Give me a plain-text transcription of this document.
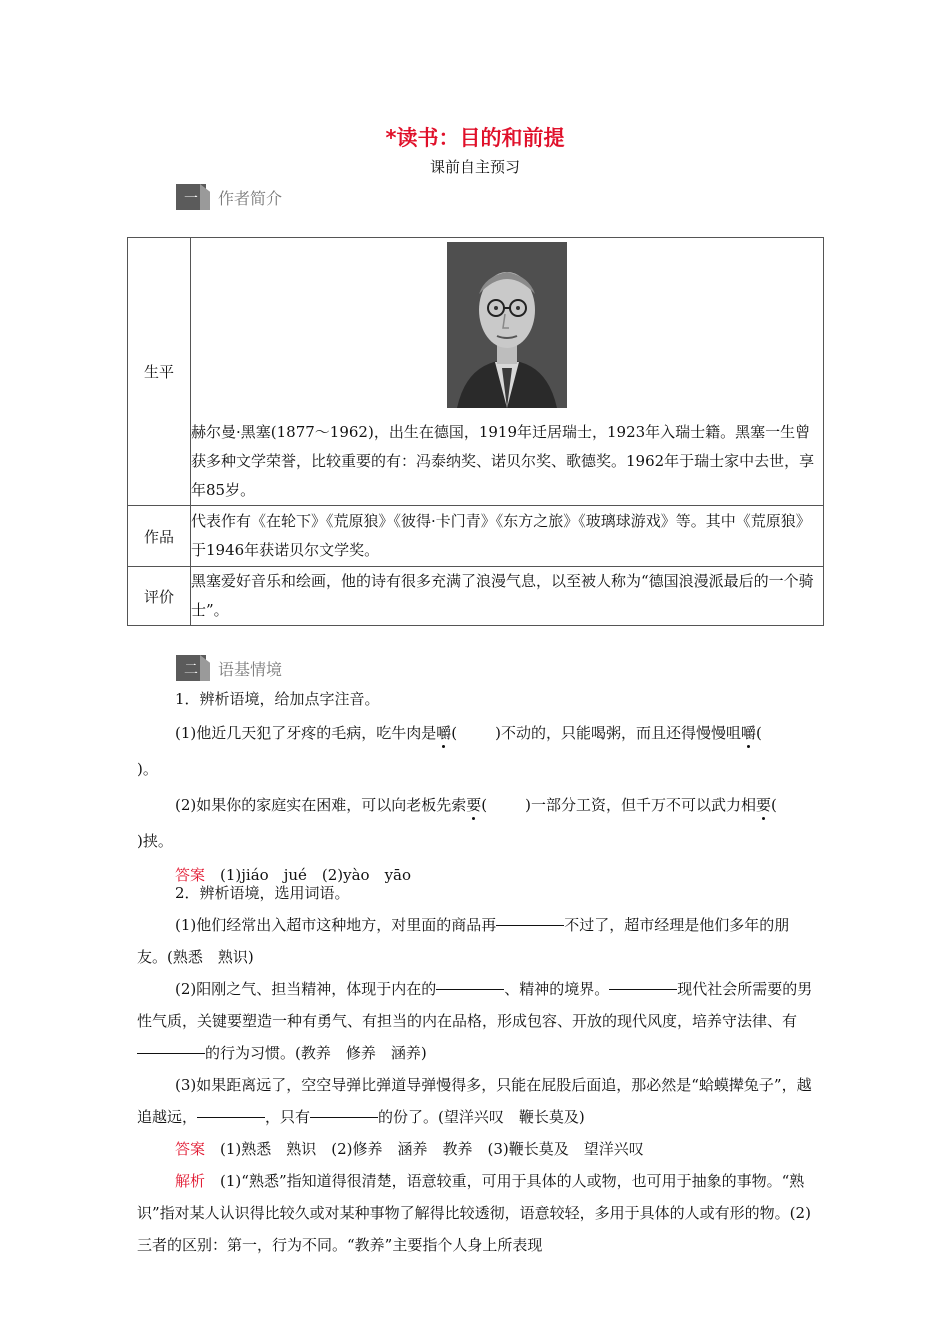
*读书：目的和前提
课前自主预习
一	作者简介
生平	赫尔曼·黑塞(1877～1962)，出生在德国，1919年迁居瑞士，1923年入瑞士籍。黑塞一生曾获多种文学荣誉，比较重要的有：冯泰纳奖、诺贝尔奖、歌德奖。1962年于瑞士家中去世，享年85岁。

作品	代表作有《在轮下》《荒原狼》《彼得·卡门青》《东方之旅》《玻璃球游戏》等。其中《荒原狼》于1946年获诺贝尔文学奖。
评价	黑塞爱好音乐和绘画，他的诗有很多充满了浪漫气息，以至被人称为“德国浪漫派最后的一个骑士”。
二	语基情境
1．辨析语境，给加点字注音。
(1)他近几天犯了牙疼的毛病，吃牛肉是嚼(	)不动的，只能喝粥，而且还得慢慢咀嚼()。
(2)如果你的家庭实在困难，可以向老板先索要(	)一部分工资，但千万不可以武力相要()挟。
答案　 (1)jiáo　jué　(2)yào　yāo
2．辨析语境，选用词语。
(1)他们经常出入超市这种地方，对里面的商品再	不过了，超市经理是他们多年的朋友。(熟悉　熟识)
(2)阳刚之气、担当精神，体现于内在的	、精神的境界。	现代社会所需要的男性气质，关键要塑造一种有勇气、有担当的内在品格，形成包容、开放的现代风度，培养守法律、有的行为习惯。(教养　修养　涵养)
(3)如果距离远了，空空导弹比弹道导弹慢得多，只能在屁股后面追，那必然是“蛤蟆撵兔子”，越追越远，	，只有	的份了。(望洋兴叹　鞭长莫及)
答案　 (1)熟悉　熟识　(2)修养　涵养　教养　(3)鞭长莫及　望洋兴叹
解析　 (1)“熟悉”指知道得很清楚，语意较重，可用于具体的人或物，也可用于抽象的事物。“熟识”指对某人认识得比较久或对某种事物了解得比较透彻，语意较轻，多用于具体的人或有形的物。(2)三者的区别：第一，行为不同。“教养”主要指个人身上所表现
